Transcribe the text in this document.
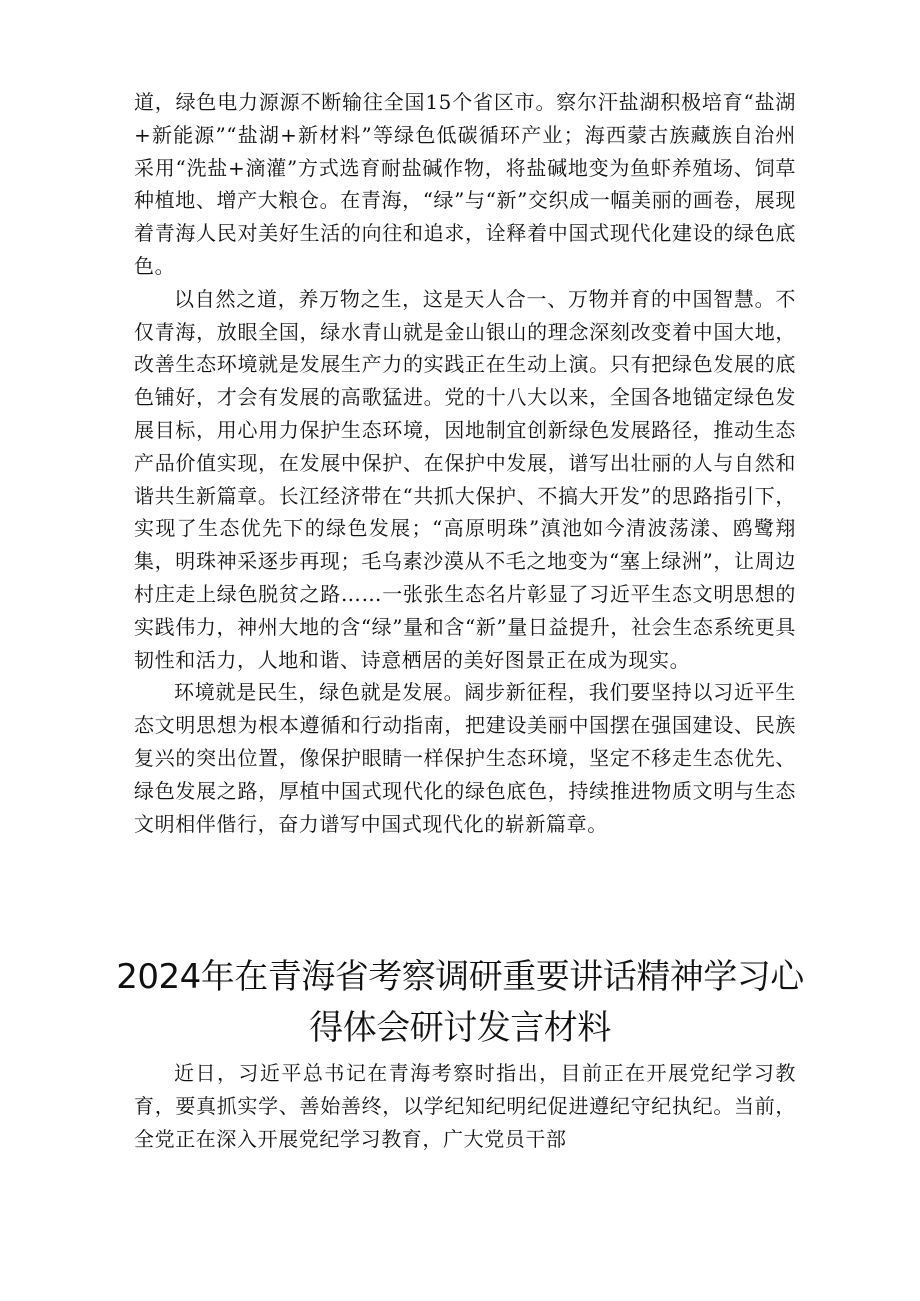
道，绿色电力源源不断输往全国15个省区市。察尔汗盐湖积极培育“盐湖+新能源”“盐湖+新材料”等绿色低碳循环产业；海西蒙古族藏族自治州采用“洗盐+滴灌”方式选育耐盐碱作物，将盐碱地变为鱼虾养殖场、饲草种植地、增产大粮仓。在青海，“绿”与“新”交织成一幅美丽的画卷，展现着青海人民对美好生活的向往和追求，诠释着中国式现代化建设的绿色底色。

以自然之道，养万物之生，这是天人合一、万物并育的中国智慧。不仅青海，放眼全国，绿水青山就是金山银山的理念深刻改变着中国大地，改善生态环境就是发展生产力的实践正在生动上演。只有把绿色发展的底色铺好，才会有发展的高歌猛进。党的十八大以来，全国各地锚定绿色发展目标，用心用力保护生态环境，因地制宜创新绿色发展路径，推动生态产品价值实现，在发展中保护、在保护中发展，谱写出壮丽的人与自然和谐共生新篇章。长江经济带在“共抓大保护、不搞大开发”的思路指引下，实现了生态优先下的绿色发展；“高原明珠”滇池如今清波荡漾、鸥鹭翔集，明珠神采逐步再现；毛乌素沙漠从不毛之地变为“塞上绿洲”，让周边村庄走上绿色脱贫之路……一张张生态名片彰显了习近平生态文明思想的实践伟力，神州大地的含“绿”量和含“新”量日益提升，社会生态系统更具韧性和活力，人地和谐、诗意栖居的美好图景正在成为现实。

环境就是民生，绿色就是发展。阔步新征程，我们要坚持以习近平生态文明思想为根本遵循和行动指南，把建设美丽中国摆在强国建设、民族复兴的突出位置，像保护眼睛一样保护生态环境，坚定不移走生态优先、绿色发展之路，厚植中国式现代化的绿色底色，持续推进物质文明与生态文明相伴偕行，奋力谱写中国式现代化的崭新篇章。

2024年在青海省考察调研重要讲话精神学习心得体会研讨发言材料

近日，习近平总书记在青海考察时指出，目前正在开展党纪学习教育，要真抓实学、善始善终，以学纪知纪明纪促进遵纪守纪执纪。当前，全党正在深入开展党纪学习教育，广大党员干部
